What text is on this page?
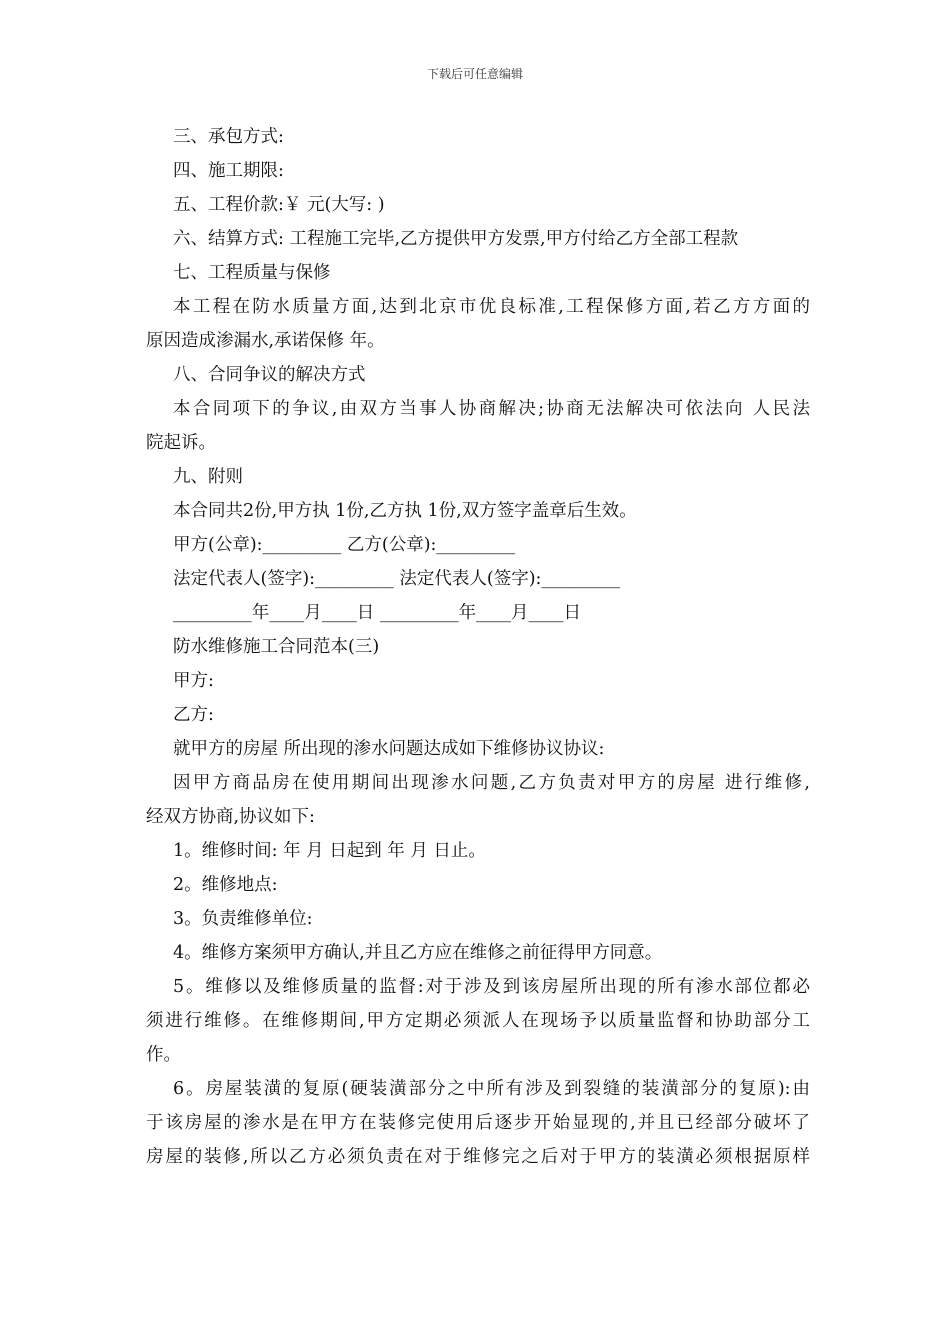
下载后可任意编辑
三、承包方式:
四、施工期限:
五、工程价款:￥ 元(大写: )
六、结算方式: 工程施工完毕,乙方提供甲方发票,甲方付给乙方全部工程款
七、工程质量与保修
本工程在防水质量方面,达到北京市优良标准,工程保修方面,若乙方方面的
原因造成渗漏水,承诺保修 年。
八、合同争议的解决方式
本合同项下的争议,由双方当事人协商解决;协商无法解决可依法向 人民法
院起诉。
九、附则
本合同共2份,甲方执 1份,乙方执 1份,双方签字盖章后生效。
甲方(公章):_________ 乙方(公章):_________
法定代表人(签字):_________ 法定代表人(签字):_________
_________年____月____日 _________年____月____日
防水维修施工合同范本(三)
甲方:
乙方:
就甲方的房屋 所出现的渗水问题达成如下维修协议协议:
因甲方商品房在使用期间出现渗水问题,乙方负责对甲方的房屋 进行维修,
经双方协商,协议如下:
1。维修时间: 年 月 日起到 年 月 日止。
2。维修地点:
3。负责维修单位:
4。维修方案须甲方确认,并且乙方应在维修之前征得甲方同意。
5。维修以及维修质量的监督:对于涉及到该房屋所出现的所有渗水部位都必
须进行维修。在维修期间,甲方定期必须派人在现场予以质量监督和协助部分工
作。
6。房屋装潢的复原(硬装潢部分之中所有涉及到裂缝的装潢部分的复原):由
于该房屋的渗水是在甲方在装修完使用后逐步开始显现的,并且已经部分破坏了
房屋的装修,所以乙方必须负责在对于维修完之后对于甲方的装潢必须根据原样
